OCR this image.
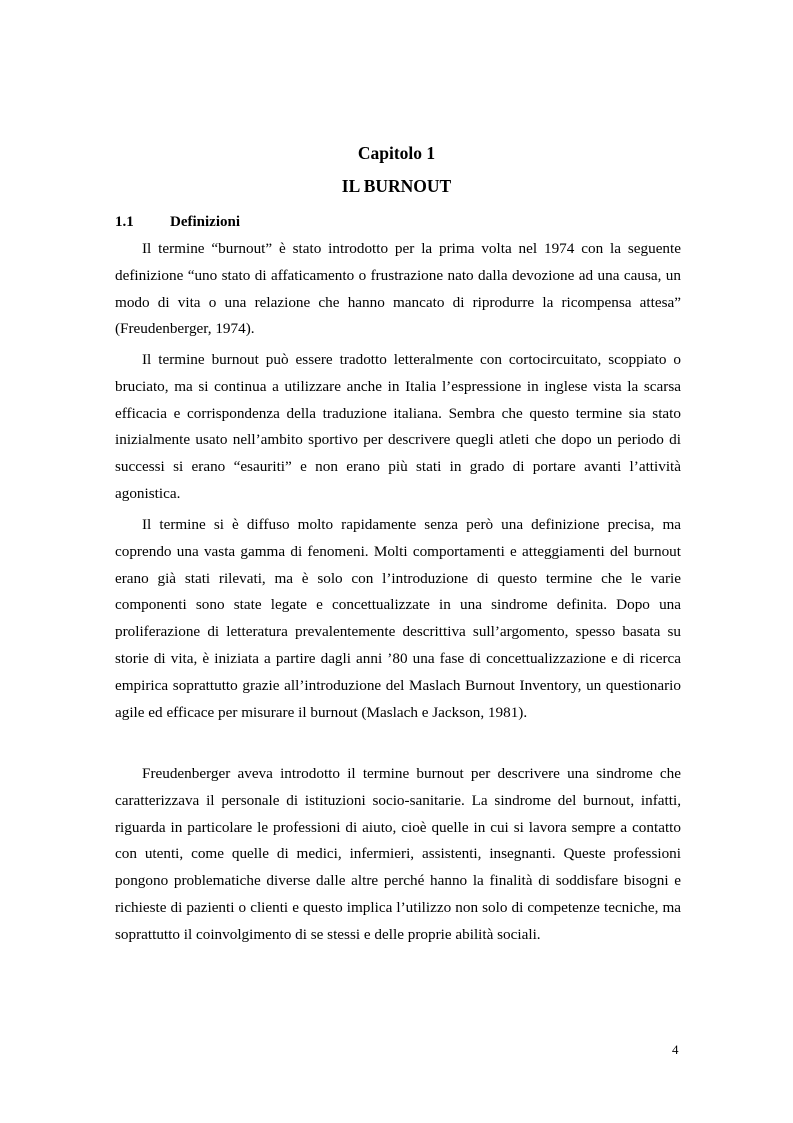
Capitolo 1
IL BURNOUT
1.1 Definizioni

Il termine “burnout” è stato introdotto per la prima volta nel 1974 con la seguente definizione “uno stato di affaticamento o frustrazione nato dalla devozione ad una causa, un modo di vita o una relazione che hanno mancato di riprodurre la ricompensa attesa” (Freudenberger, 1974).

Il termine burnout può essere tradotto letteralmente con cortocircuitato, scoppiato o bruciato, ma si continua a utilizzare anche in Italia l’espressione in inglese vista la scarsa efficacia e corrispondenza della traduzione italiana. Sembra che questo termine sia stato inizialmente usato nell’ambito sportivo per descrivere quegli atleti che dopo un periodo di successi si erano “esauriti” e non erano più stati in grado di portare avanti l’attività agonistica.

Il termine si è diffuso molto rapidamente senza però una definizione precisa, ma coprendo una vasta gamma di fenomeni. Molti comportamenti e atteggiamenti del burnout erano già stati rilevati, ma è solo con l’introduzione di questo termine che le varie componenti sono state legate e concettualizzate in una sindrome definita. Dopo una proliferazione di letteratura prevalentemente descrittiva sull’argomento, spesso basata su storie di vita, è iniziata a partire dagli anni ’80 una fase di concettualizzazione e di ricerca empirica soprattutto grazie all’introduzione del Maslach Burnout Inventory, un questionario agile ed efficace per misurare il burnout (Maslach e Jackson, 1981).

Freudenberger aveva introdotto il termine burnout per descrivere una sindrome che caratterizzava il personale di istituzioni socio-sanitarie. La sindrome del burnout, infatti, riguarda in particolare le professioni di aiuto, cioè quelle in cui si lavora sempre a contatto con utenti, come quelle di medici, infermieri, assistenti, insegnanti. Queste professioni pongono problematiche diverse dalle altre perché hanno la finalità di soddisfare bisogni e richieste di pazienti o clienti e questo implica l’utilizzo non solo di competenze tecniche, ma soprattutto il coinvolgimento di se stessi e delle proprie abilità sociali.

4
